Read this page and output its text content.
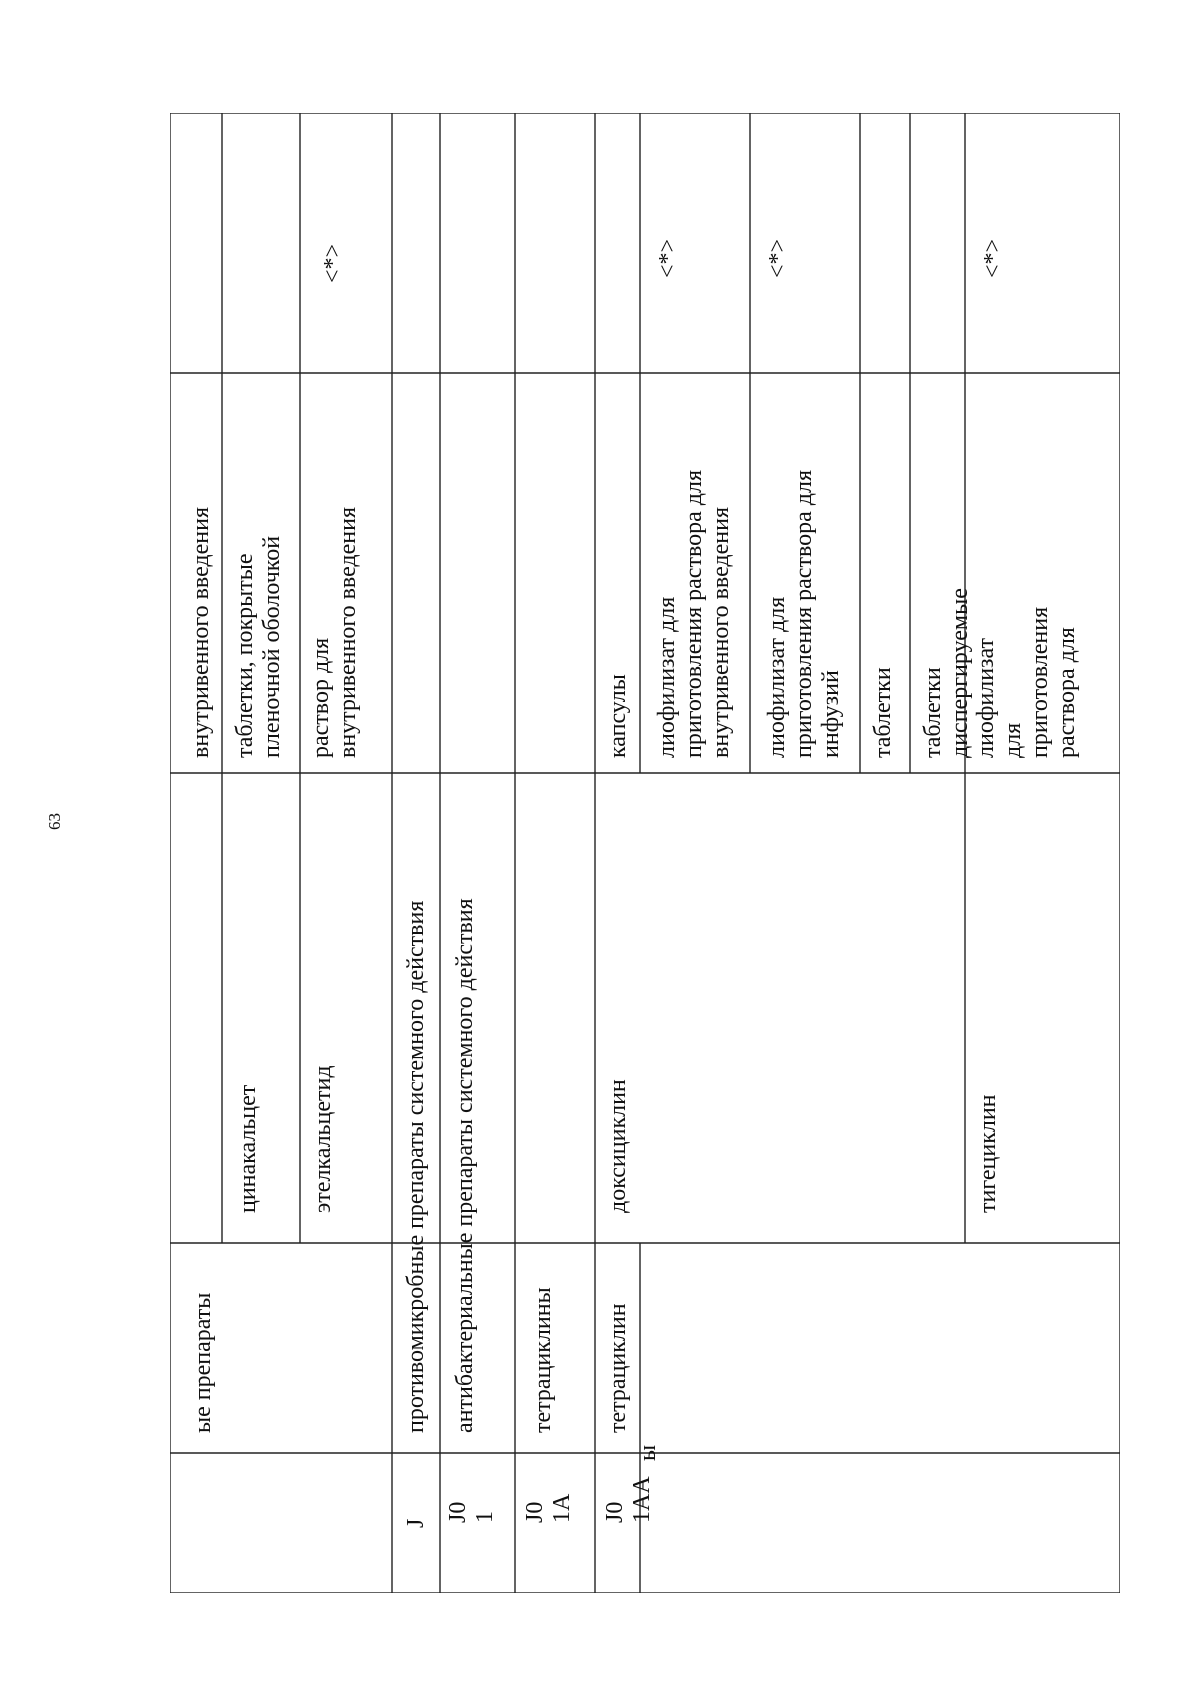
63
ые препараты
внутривенного введения
цинакальцет
таблетки, покрытые
пленочной оболочкой
этелкальцетид
раствор для
внутривенного введения
<*>
J
противомикробные препараты системного действия
J0
1
антибактериальные препараты системного действия
J0
1A
тетрациклины
J0
1AA
ы
тетрациклин
доксициклин
капсулы лиофилизат для
приготовления раствора для
внутривенного введения
<*>
лиофилизат для
приготовления раствора для
инфузий
<*>
таблетки таблетки диспергируемые
тигециклин
лиофилизат для
приготовления раствора для
<*>
